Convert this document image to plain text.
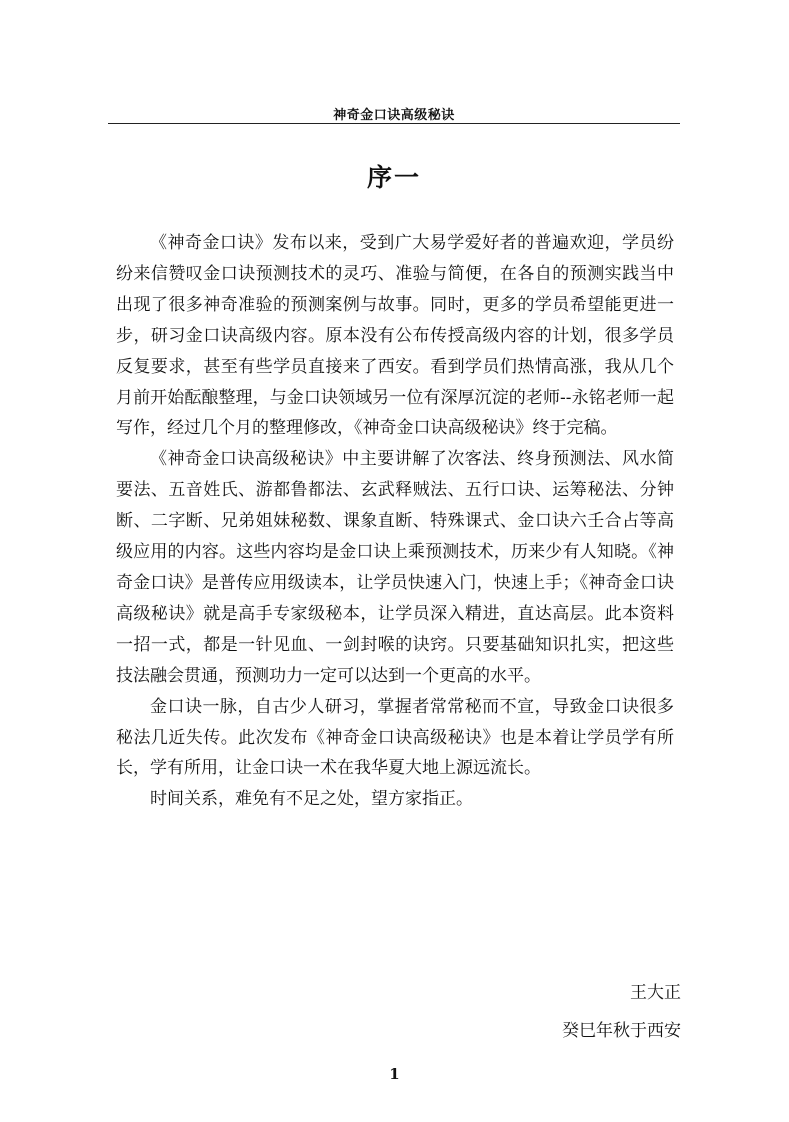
神奇金口诀高级秘诀
序一

《神奇金口诀》发布以来，受到广大易学爱好者的普遍欢迎，学员纷纷来信赞叹金口诀预测技术的灵巧、准验与简便，在各自的预测实践当中出现了很多神奇准验的预测案例与故事。同时，更多的学员希望能更进一步，研习金口诀高级内容。原本没有公布传授高级内容的计划，很多学员反复要求，甚至有些学员直接来了西安。看到学员们热情高涨，我从几个月前开始酝酿整理，与金口诀领域另一位有深厚沉淀的老师--永铭老师一起写作，经过几个月的整理修改，《神奇金口诀高级秘诀》终于完稿。

《神奇金口诀高级秘诀》中主要讲解了次客法、终身预测法、风水简要法、五音姓氏、游都鲁都法、玄武释贼法、五行口诀、运筹秘法、分钟断、二字断、兄弟姐妹秘数、课象直断、特殊课式、金口诀六壬合占等高级应用的内容。这些内容均是金口诀上乘预测技术，历来少有人知晓。《神奇金口诀》是普传应用级读本，让学员快速入门，快速上手；《神奇金口诀高级秘诀》就是高手专家级秘本，让学员深入精进，直达高层。此本资料一招一式，都是一针见血、一剑封喉的诀窍。只要基础知识扎实，把这些技法融会贯通，预测功力一定可以达到一个更高的水平。

金口诀一脉，自古少人研习，掌握者常常秘而不宣，导致金口诀很多秘法几近失传。此次发布《神奇金口诀高级秘诀》也是本着让学员学有所长，学有所用，让金口诀一术在我华夏大地上源远流长。

时间关系，难免有不足之处，望方家指正。

王大正
癸巳年秋于西安
1
